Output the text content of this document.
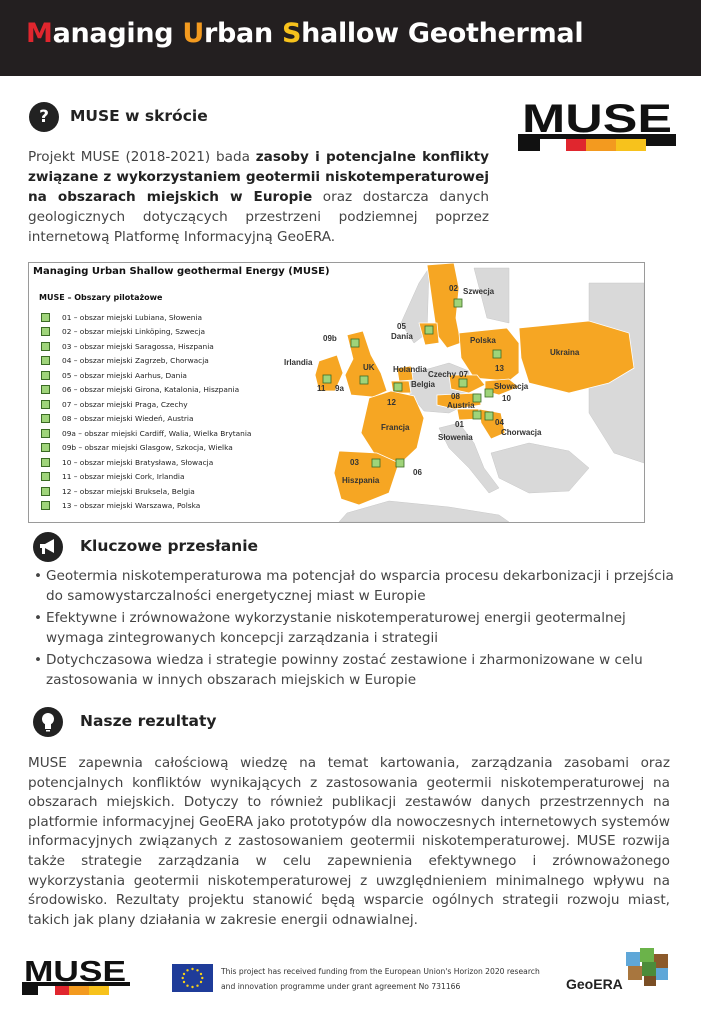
Managing Urban Shallow Geothermal
MUSE
?	MUSE w skrócie
Projekt MUSE (2018-2021) bada zasoby i potencjalne konflikty związane z wykorzystaniem geotermii niskotemperaturowej na obszarach miejskich w Europie oraz dostarcza danych geologicznych dotyczących przestrzeni podziemnej poprzez internetową Platformę Informacyjną GeoERA.
Managing Urban Shallow geothermal Energy (MUSE)
MUSE – Obszary pilotażowe
01 – obszar miejski Lubiana, Słowenia
02 – obszar miejski Linköping, Szwecja
03 – obszar miejski Saragossa, Hiszpania
04 – obszar miejski Zagrzeb, Chorwacja
05 – obszar miejski Aarhus, Dania
06 – obszar miejski Girona, Katalonia, Hiszpania
07 – obszar miejski Praga, Czechy
08 – obszar miejski Wiedeń, Austria
09a – obszar miejski Cardiff, Walia, Wielka Brytania
09b – obszar miejski Glasgow, Szkocja, Wielka
10 – obszar miejski Bratysława, Słowacja
11 – obszar miejski Cork, Irlandia
12 – obszar miejski Bruksela, Belgia
13 – obszar miejski Warszawa, Polska
Szwecja
Dania
Irlandia
UK Holandia
Belgia
Polska
Ukraina
Czechy
Słowacja
Austria
Francja
Słowenia
Chorwacja
Hiszpania
02
05
09b
11 9a
12
13
07
08	10
01	04
03
06
Kluczowe przesłanie
• Geotermia niskotemperaturowa ma potencjał do wsparcia procesu dekarbonizacji i przejścia do samowystarczalności energetycznej miast w Europie
• Efektywne i zrównoważone wykorzystanie niskotemperaturowej energii geotermalnej wymaga zintegrowanych koncepcji zarządzania i strategii
• Dotychczasowa wiedza i strategie powinny zostać zestawione i zharmonizowane w celu zastosowania w innych obszarach miejskich w Europie
Nasze rezultaty
MUSE zapewnia całościową wiedzę na temat kartowania, zarządzania zasobami oraz potencjalnych konfliktów wynikających z zastosowania geotermii niskotemperaturowej na obszarach miejskich. Dotyczy to również publikacji zestawów danych przestrzennych na platformie informacyjnej GeoERA jako prototypów dla nowoczesnych internetowych systemów informacyjnych związanych z zastosowaniem geotermii niskotemperaturowej. MUSE rozwija także strategie zarządzania w celu zapewnienia efektywnego i zrównoważonego wykorzystania geotermii niskotemperaturowej z uwzględnieniem minimalnego wpływu na środowisko. Rezultaty projektu stanowić będą wsparcie ogólnych strategii rozwoju miast, takich jak plany działania w zakresie energii odnawialnej.
MUSE	This project has received funding from the European Union's Horizon 2020 research
and innovation programme under grant agreement No 731166	GeoERA
